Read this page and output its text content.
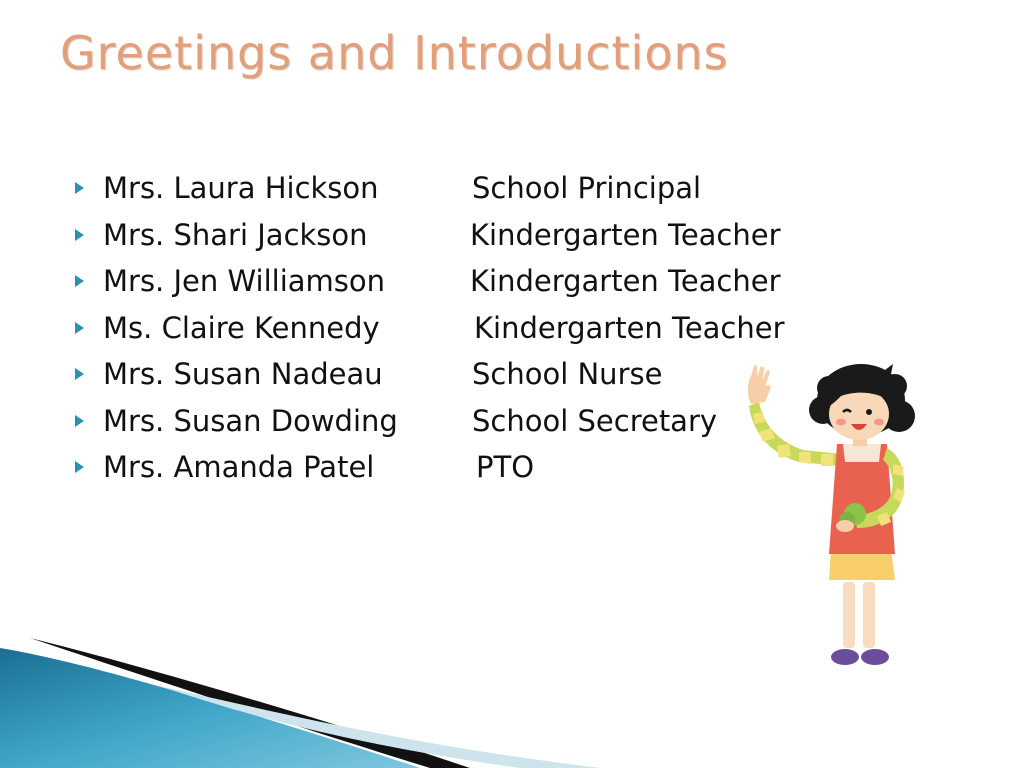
Greetings and Introductions
Mrs. Laura Hickson	School Principal
Mrs. Shari Jackson	Kindergarten Teacher
Mrs. Jen Williamson	Kindergarten Teacher
Ms. Claire Kennedy	Kindergarten Teacher
Mrs. Susan Nadeau	School Nurse
Mrs. Susan Dowding	School Secretary
Mrs. Amanda Patel	PTO
